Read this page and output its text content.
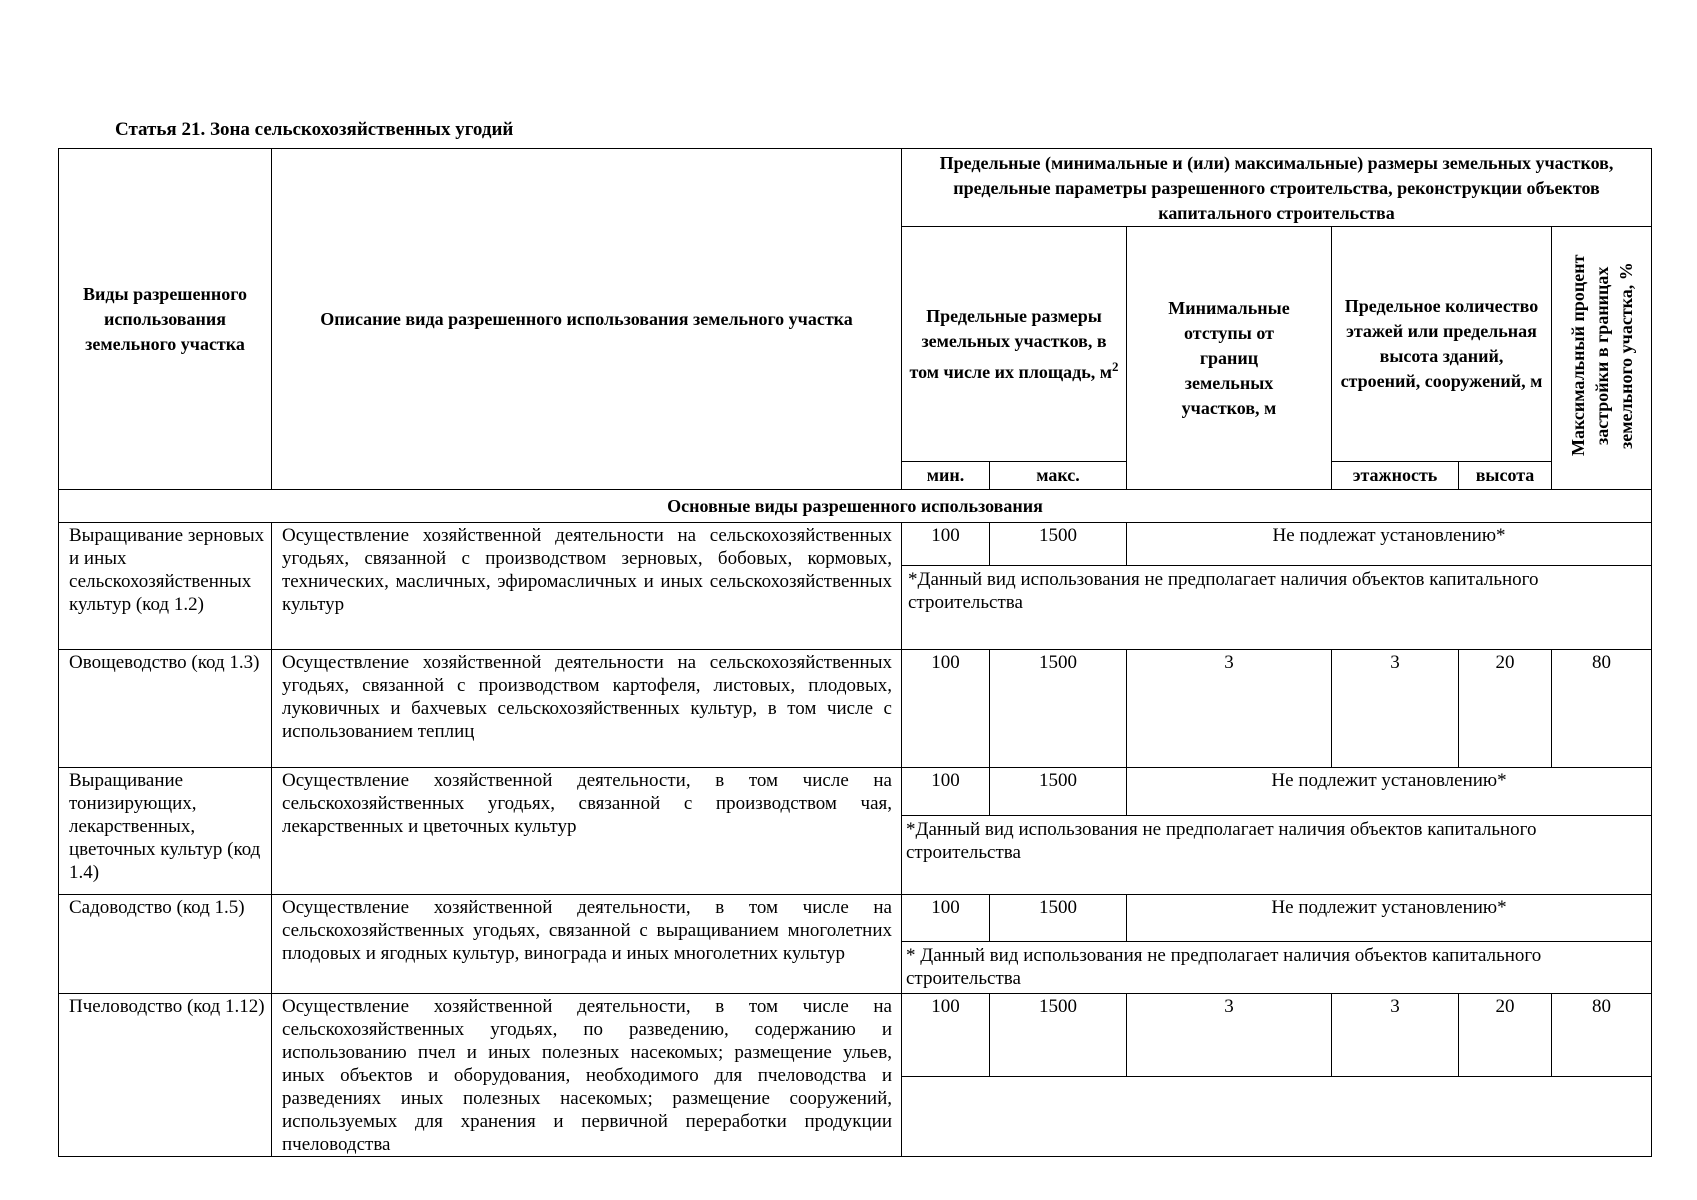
Статья 21. Зона сельскохозяйственных угодий
Виды разрешенного использования земельного участка	Описание вида разрешенного использования земельного участка	Предельные (минимальные и (или) максимальные) размеры земельных участков, предельные параметры разрешенного строительства, реконструкции объектов капитального строительства					

		Предельные размеры земельных участков, в том числе их площадь, $м^2$		Минимальные отступы от границ земельных участков, м	Предельное количество этажей или предельная высота зданий, строений, сооружений, м		Максимальный процент застройки в границах земельного участка, %
		мин.	макс.		этажность	высота	
Основные виды разрешенного использования							
Выращивание зерновых и иных сельскохозяйственных культур (код 1.2)	Осуществление хозяйственной деятельности на сельскохозяйственных угодьях, связанной с производством зерновых, бобовых, кормовых, технических, масличных, эфиромасличных и иных сельскохозяйственных культур	100	1500	Не подлежат установлению*			
		*Данный вид использования не предполагает наличия объектов капитального строительства					
Овощеводство (код 1.3)	Осуществление хозяйственной деятельности на сельскохозяйственных угодьях, связанной с производством картофеля, листовых, плодовых, луковичных и бахчевых сельскохозяйственных культур, в том числе с использованием теплиц	100	1500	3	3	20	80
Выращивание тонизирующих, лекарственных, цветочных культур (код 1.4)	Осуществление хозяйственной деятельности, в том числе на сельскохозяйственных угодьях, связанной с производством чая, лекарственных и цветочных культур	100	1500	Не подлежит установлению*			
		*Данный вид использования не предполагает наличия объектов капитального строительства					
Садоводство (код 1.5)	Осуществление хозяйственной деятельности, в том числе на сельскохозяйственных угодьях, связанной с выращиванием многолетних плодовых и ягодных культур, винограда и иных многолетних культур	100	1500	Не подлежит установлению*			
		* Данный вид использования не предполагает наличия объектов капитального строительства					
Пчеловодство (код 1.12)	Осуществление хозяйственной деятельности, в том числе на сельскохозяйственных угодьях, по разведению, содержанию и использованию пчел и иных полезных насекомых; размещение ульев, иных объектов и оборудования, необходимого для пчеловодства и разведениях иных полезных насекомых; размещение сооружений, используемых для хранения и первичной переработки продукции пчеловодства	100	1500	3	3	20	80
